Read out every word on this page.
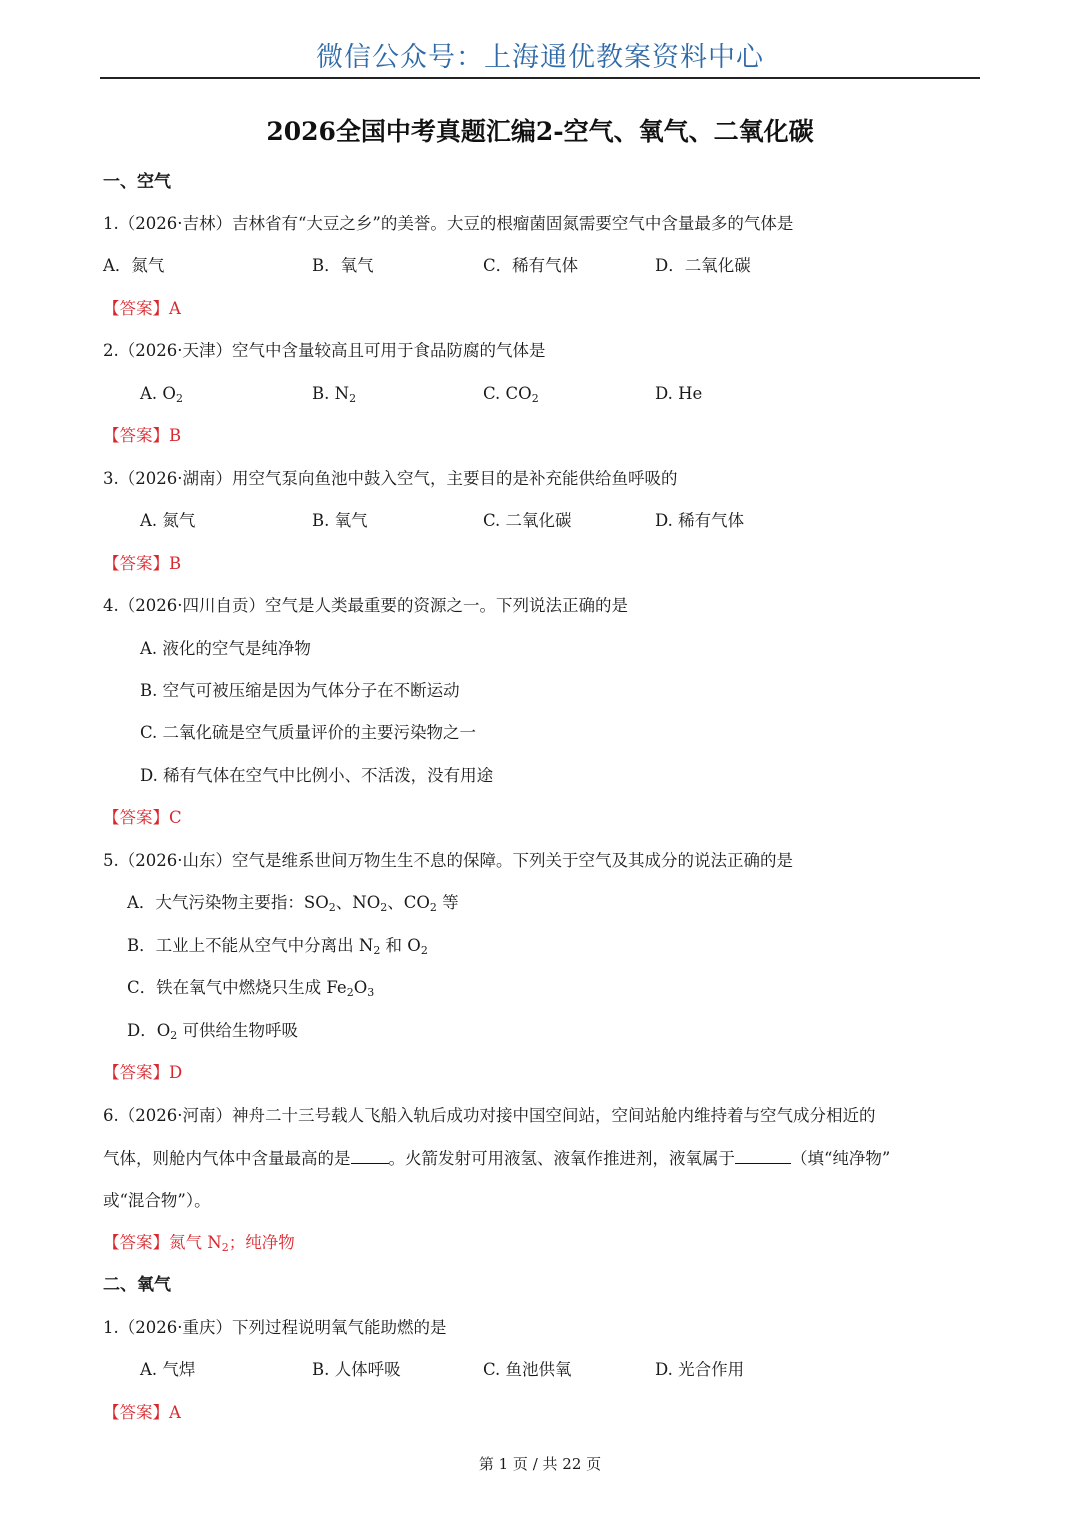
微信公众号：上海通优教案资料中心
2026全国中考真题汇编2-空气、氧气、二氧化碳
一、空气
1.（2026·吉林）吉林省有“大豆之乡”的美誉。大豆的根瘤菌固氮需要空气中含量最多的气体是
A．氮气	B．氧气	C．稀有气体	D．二氧化碳
【答案】A
2.（2026·天津）空气中含量较高且可用于食品防腐的气体是
A. $O_2$	B. $N_2$	C. $CO_2$	D. He
【答案】B
3.（2026·湖南）用空气泵向鱼池中鼓入空气，主要目的是补充能供给鱼呼吸的
A. 氮气	B. 氧气	C. 二氧化碳	D. 稀有气体
【答案】B
4.（2026·四川自贡）空气是人类最重要的资源之一。下列说法正确的是
A. 液化的空气是纯净物
B. 空气可被压缩是因为气体分子在不断运动
C. 二氧化硫是空气质量评价的主要污染物之一
D. 稀有气体在空气中比例小、不活泼，没有用途
【答案】C
5.（2026·山东）空气是维系世间万物生生不息的保障。下列关于空气及其成分的说法正确的是
A．大气污染物主要指：$SO_2$、$NO_2$、$CO_2$ 等
B．工业上不能从空气中分离出 $N_2$ 和 $O_2$
C．铁在氧气中燃烧只生成 $Fe_2O_3$
D．$O_2$ 可供给生物呼吸
【答案】D
6.（2026·河南）神舟二十三号载人飞船入轨后成功对接中国空间站，空间站舱内维持着与空气成分相近的
气体，则舱内气体中含量最高的是 。火箭发射可用液氢、液氧作推进剂，液氧属于	（填“纯净物”
或“混合物”）。
【答案】氮气 $N_2$；纯净物
二、氧气
1.（2026·重庆）下列过程说明氧气能助燃的是
A. 气焊	B. 人体呼吸	C. 鱼池供氧	D. 光合作用
【答案】A
第 1 页 / 共 22 页
